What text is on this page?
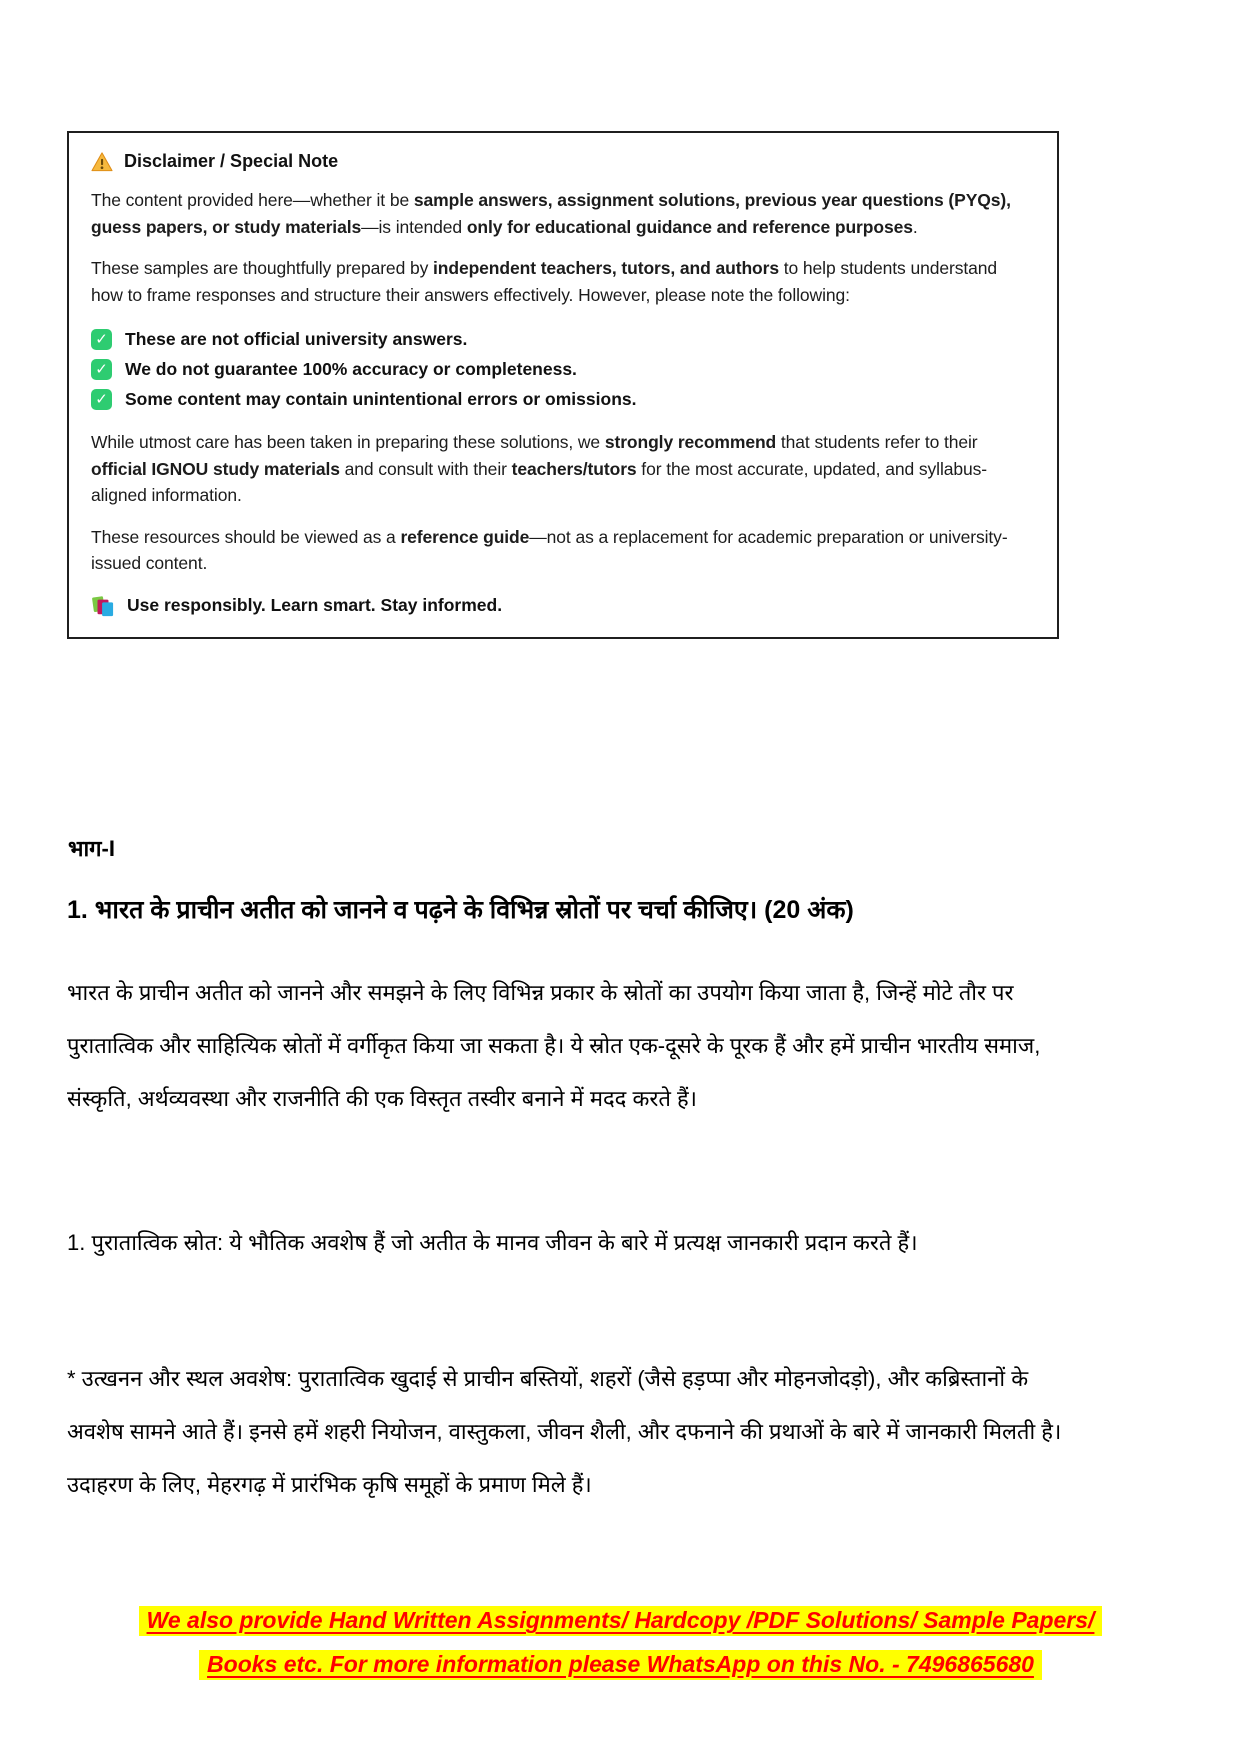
Disclaimer / Special Note

The content provided here—whether it be sample answers, assignment solutions, previous year questions (PYQs), guess papers, or study materials—is intended only for educational guidance and reference purposes.

These samples are thoughtfully prepared by independent teachers, tutors, and authors to help students understand how to frame responses and structure their answers effectively. However, please note the following:

✓ These are not official university answers.
✓ We do not guarantee 100% accuracy or completeness.
✓ Some content may contain unintentional errors or omissions.

While utmost care has been taken in preparing these solutions, we strongly recommend that students refer to their official IGNOU study materials and consult with their teachers/tutors for the most accurate, updated, and syllabus-aligned information.

These resources should be viewed as a reference guide—not as a replacement for academic preparation or university-issued content.

Use responsibly. Learn smart. Stay informed.
भाग-I
1. भारत के प्राचीन अतीत को जानने व पढ़ने के विभिन्न स्रोतों पर चर्चा कीजिए। (20 अंक)

भारत के प्राचीन अतीत को जानने और समझने के लिए विभिन्न प्रकार के स्रोतों का उपयोग किया जाता है, जिन्हें मोटे तौर पर पुरातात्विक और साहित्यिक स्रोतों में वर्गीकृत किया जा सकता है। ये स्रोत एक-दूसरे के पूरक हैं और हमें प्राचीन भारतीय समाज, संस्कृति, अर्थव्यवस्था और राजनीति की एक विस्तृत तस्वीर बनाने में मदद करते हैं।

1. पुरातात्विक स्रोत: ये भौतिक अवशेष हैं जो अतीत के मानव जीवन के बारे में प्रत्यक्ष जानकारी प्रदान करते हैं।

* उत्खनन और स्थल अवशेष: पुरातात्विक खुदाई से प्राचीन बस्तियों, शहरों (जैसे हड़प्पा और मोहनजोदड़ो), और कब्रिस्तानों के अवशेष सामने आते हैं। इनसे हमें शहरी नियोजन, वास्तुकला, जीवन शैली, और दफनाने की प्रथाओं के बारे में जानकारी मिलती है। उदाहरण के लिए, मेहरगढ़ में प्रारंभिक कृषि समूहों के प्रमाण मिले हैं।

We also provide Hand Written Assignments/ Hardcopy /PDF Solutions/ Sample Papers/
Books etc. For more information please WhatsApp on this No. - 7496865680
